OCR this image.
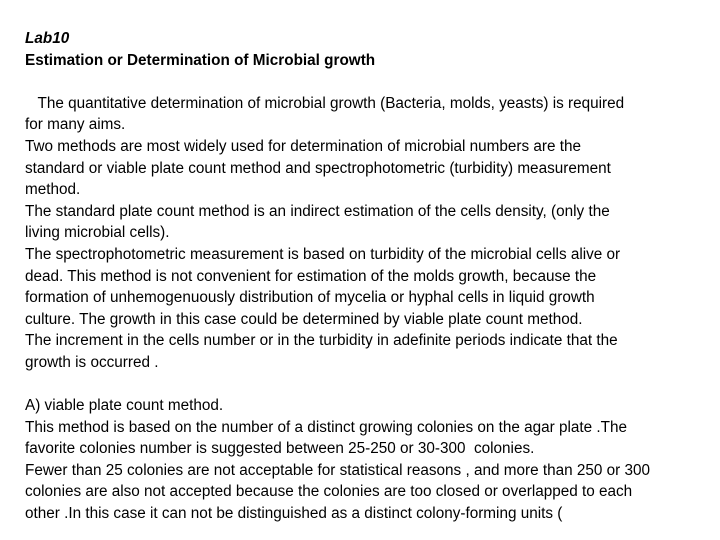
Lab10
Estimation or Determination of Microbial growth
The quantitative determination of microbial growth (Bacteria, molds, yeasts) is required
for many aims.
Two methods are most widely used for determination of microbial numbers are the
standard or viable plate count method and spectrophotometric (turbidity) measurement
method.
The standard plate count method is an indirect estimation of the cells density, (only the
living microbial cells).
The spectrophotometric measurement is based on turbidity of the microbial cells alive or
dead. This method is not convenient for estimation of the molds growth, because the
formation of unhemogenuously distribution of mycelia or hyphal cells in liquid growth
culture. The growth in this case could be determined by viable plate count method.
The increment in the cells number or in the turbidity in adefinite periods indicate that the
growth is occurred .
A) viable plate count method.
This method is based on the number of a distinct growing colonies on the agar plate .The
favorite colonies number is suggested between 25-250 or 30-300  colonies.
Fewer than 25 colonies are not acceptable for statistical reasons , and more than 250 or 300
colonies are also not accepted because the colonies are too closed or overlapped to each
other .In this case it can not be distinguished as a distinct colony-forming units (
